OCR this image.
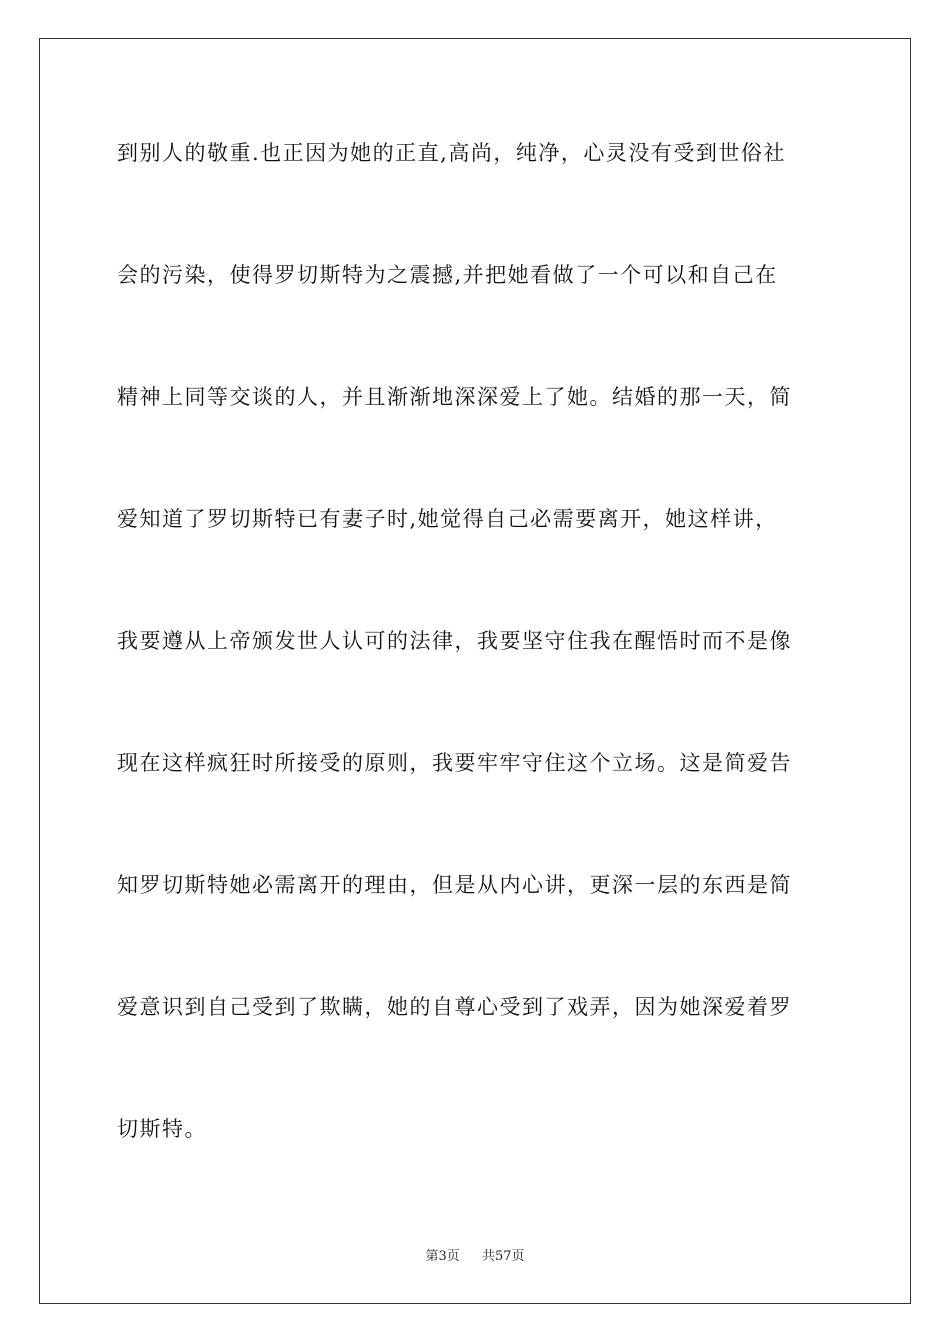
到别人的敬重.也正因为她的正直,高尚，纯净，心灵没有受到世俗社
会的污染，使得罗切斯特为之震撼,并把她看做了一个可以和自己在
精神上同等交谈的人，并且渐渐地深深爱上了她。结婚的那一天，简
爱知道了罗切斯特已有妻子时,她觉得自己必需要离开，她这样讲，
我要遵从上帝颁发世人认可的法律，我要坚守住我在醒悟时而不是像
现在这样疯狂时所接受的原则，我要牢牢守住这个立场。这是简爱告
知罗切斯特她必需离开的理由，但是从内心讲，更深一层的东西是简
爱意识到自己受到了欺瞒，她的自尊心受到了戏弄，因为她深爱着罗
切斯特。
第3页 共57页
